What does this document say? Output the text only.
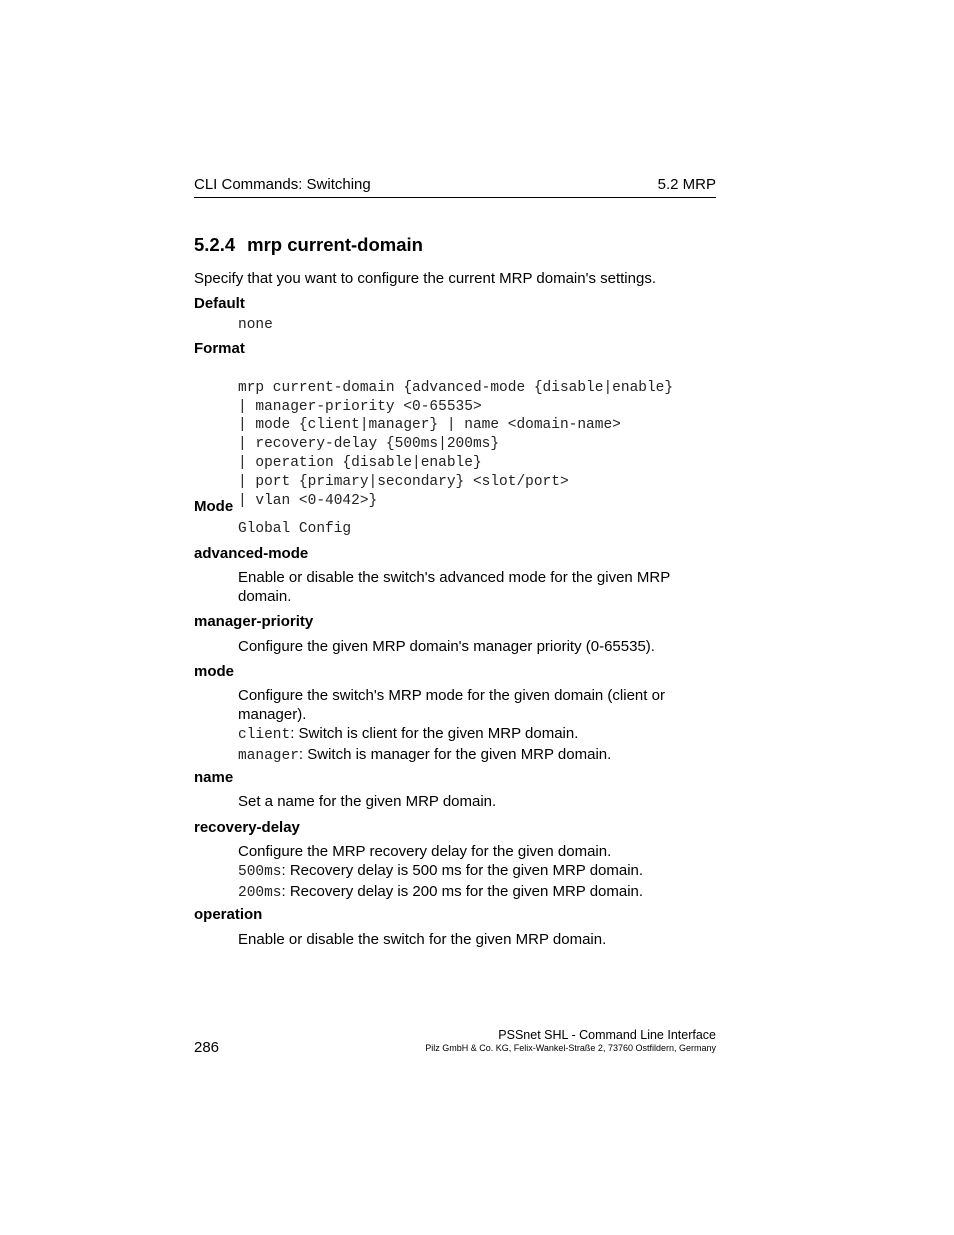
CLI Commands: Switching	5.2 MRP
5.2.4 mrp current-domain
Specify that you want to configure the current MRP domain's settings.
Default
none
Format

mrp current-domain {advanced-mode {disable|enable}
| manager-priority <0-65535>
| mode {client|manager} | name <domain-name>
| recovery-delay {500ms|200ms}
| operation {disable|enable}
| port {primary|secondary} <slot/port>
| vlan <0-4042>}

Mode
Global Config
advanced-mode

Enable or disable the switch's advanced mode for the given MRP

domain.

manager-priority
Configure the given MRP domain's manager priority (0-65535).
mode

Configure the switch's MRP mode for the given domain (client or

manager).

client: Switch is client for the given MRP domain.

manager: Switch is manager for the given MRP domain.

name
Set a name for the given MRP domain.
recovery-delay

Configure the MRP recovery delay for the given domain.

500ms: Recovery delay is 500 ms for the given MRP domain.

200ms: Recovery delay is 200 ms for the given MRP domain.

operation
Enable or disable the switch for the given MRP domain.
286
PSSnet SHL - Command Line Interface
Pilz GmbH & Co. KG, Felix-Wankel-Straße 2, 73760 Ostfildern, Germany
